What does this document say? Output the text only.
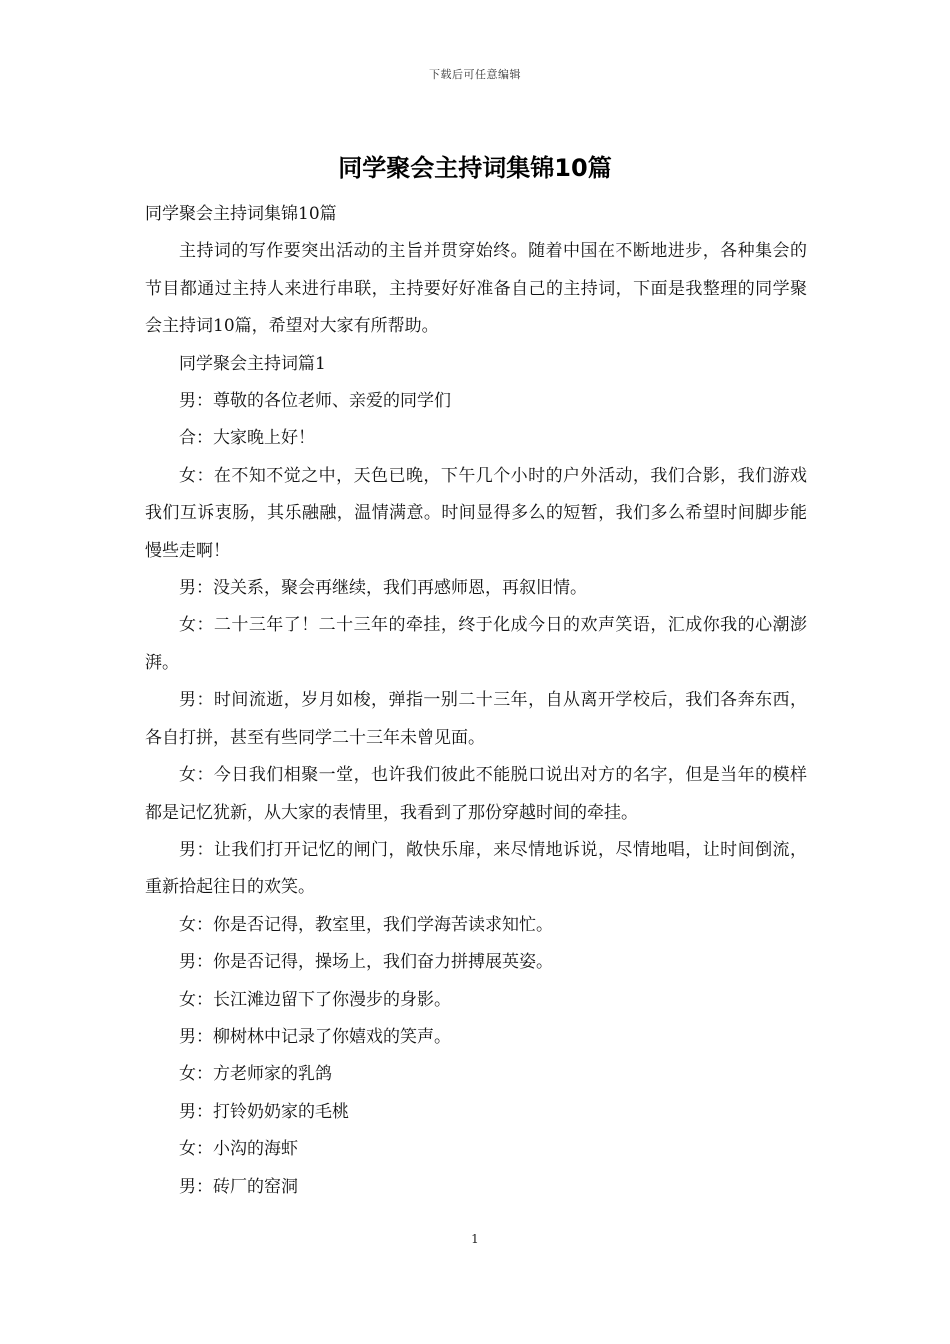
下载后可任意编辑
同学聚会主持词集锦10篇

同学聚会主持词集锦10篇

主持词的写作要突出活动的主旨并贯穿始终。随着中国在不断地进步，各种集会的节目都通过主持人来进行串联，主持要好好准备自己的主持词，下面是我整理的同学聚会主持词10篇，希望对大家有所帮助。

同学聚会主持词篇1

男：尊敬的各位老师、亲爱的同学们

合：大家晚上好！

女：在不知不觉之中，天色已晚，下午几个小时的户外活动，我们合影，我们游戏我们互诉衷肠，其乐融融，温情满意。时间显得多么的短暂，我们多么希望时间脚步能慢些走啊！

男：没关系，聚会再继续，我们再感师恩，再叙旧情。

女：二十三年了！二十三年的牵挂，终于化成今日的欢声笑语，汇成你我的心潮澎湃。

男：时间流逝，岁月如梭，弹指一别二十三年，自从离开学校后，我们各奔东西，各自打拼，甚至有些同学二十三年未曾见面。

女：今日我们相聚一堂，也许我们彼此不能脱口说出对方的名字，但是当年的模样都是记忆犹新，从大家的表情里，我看到了那份穿越时间的牵挂。

男：让我们打开记忆的闸门，敞快乐扉，来尽情地诉说，尽情地唱，让时间倒流，重新拾起往日的欢笑。

女：你是否记得，教室里，我们学海苦读求知忙。

男：你是否记得，操场上，我们奋力拼搏展英姿。

女：长江滩边留下了你漫步的身影。

男：柳树林中记录了你嬉戏的笑声。

女：方老师家的乳鸽

男：打铃奶奶家的毛桃

女：小沟的海虾

男：砖厂的窑洞

1
